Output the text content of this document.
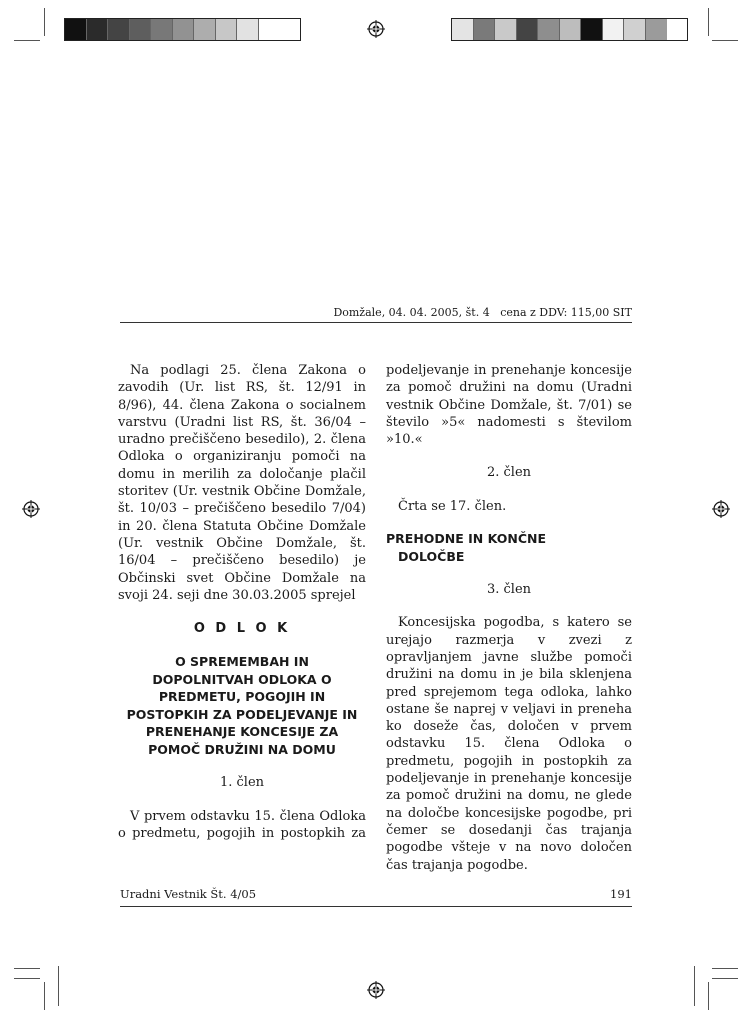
Domžale, 04. 04. 2005, št. 4   cena z DDV: 115,00 SIT

Na podlagi 25. člena Zakona o zavodih (Ur. list RS, št. 12/91 in 8/96), 44. člena Zakona o socialnem varstvu (Uradni list RS, št. 36/04 – uradno prečiščeno besedilo), 2. člena Odloka o organiziranju pomoči na domu in merilih za določanje plačil storitev (Ur. vestnik Občine Domžale, št. 10/03 – prečiščeno besedilo 7/04) in 20. člena Statuta Občine Domžale (Ur. vestnik Občine Domžale, št. 16/04 – prečiščeno besedilo) je Občinski svet Občine Domžale na svoji 24. seji dne 30.03.2005 sprejel

O D L O K
O SPREMEMBAH IN DOPOLNITVAH ODLOKA O PREDMETU, POGOJIH IN POSTOPKIH ZA PODELJEVANJE IN PRENEHANJE KONCESIJE ZA POMOČ DRUŽINI NA DOMU
1. člen

V prvem odstavku 15. člena Odloka o predmetu, pogojih in postopkih za

podeljevanje in prenehanje koncesije za pomoč družini na domu (Uradni vestnik Občine Domžale, št. 7/01) se število »5« nadomesti s številom »10.«

2. člen

Črta se 17. člen.

PREHODNE IN KONČNE DOLOČBE
3. člen

Koncesijska pogodba, s katero se urejajo razmerja v zvezi z opravljanjem javne službe pomoči družini na domu in je bila sklenjena pred sprejemom tega odloka, lahko ostane še naprej v veljavi in preneha ko doseže čas, določen v prvem odstavku 15. člena Odloka o predmetu, pogojih in postopkih za podeljevanje in prenehanje koncesije za pomoč družini na domu, ne glede na določbe koncesijske pogodbe, pri čemer se dosedanji čas trajanja pogodbe všteje v na novo določen čas trajanja pogodbe.

Uradni Vestnik Št. 4/05	191
